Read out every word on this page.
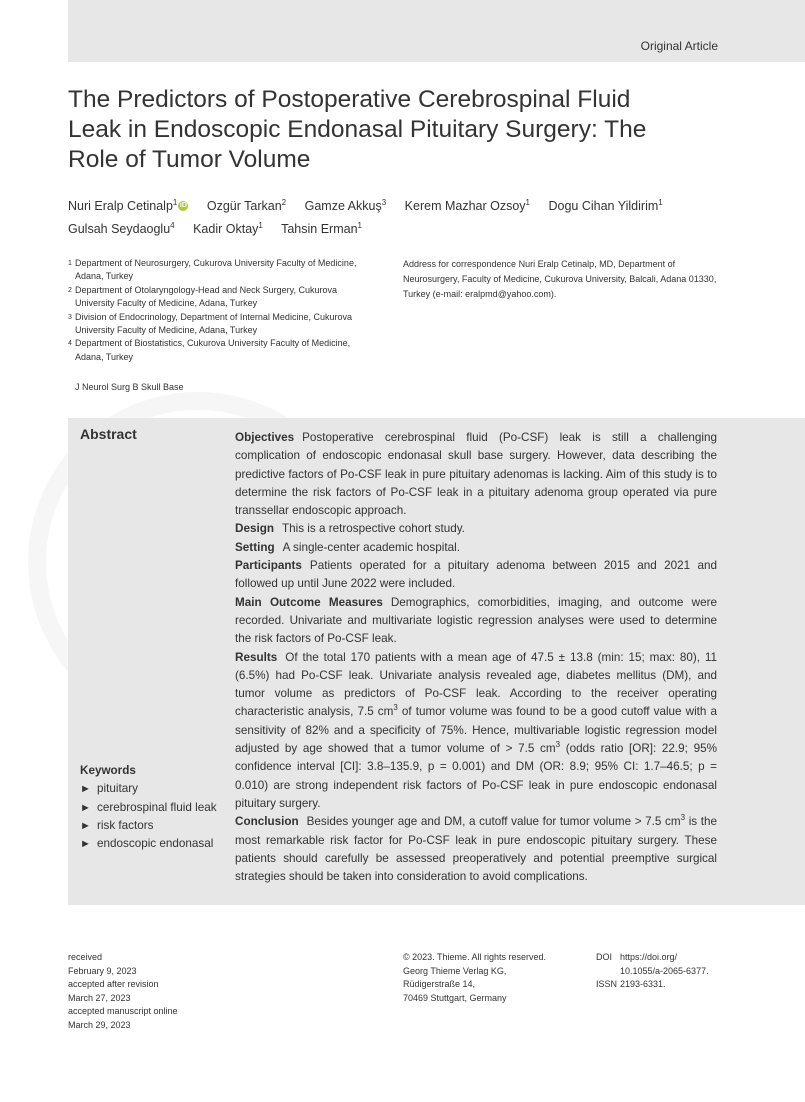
Original Article
The Predictors of Postoperative Cerebrospinal Fluid Leak in Endoscopic Endonasal Pituitary Surgery: The Role of Tumor Volume
Nuri Eralp Cetinalp$^1$ iD Ozgür Tarkan$^2$ Gamze Akkuş$^3$ Kerem Mazhar Ozsoy$^1$ Dogu Cihan Yildirim$^1$
Gulsah Seydaoglu$^4$ Kadir Oktay$^1$ Tahsin Erman$^1$
1 Department of Neurosurgery, Cukurova University Faculty of Medicine, Adana, Turkey
2 Department of Otolaryngology-Head and Neck Surgery, Cukurova University Faculty of Medicine, Adana, Turkey
3 Division of Endocrinology, Department of Internal Medicine, Cukurova University Faculty of Medicine, Adana, Turkey
4 Department of Biostatistics, Cukurova University Faculty of Medicine, Adana, Turkey
J Neurol Surg B Skull Base
Address for correspondence Nuri Eralp Cetinalp, MD, Department of Neurosurgery, Faculty of Medicine, Cukurova University, Balcali, Adana 01330, Turkey (e-mail: eralpmd@yahoo.com).
Abstract	Objectives Postoperative cerebrospinal fluid (Po-CSF) leak is still a challenging complication of endoscopic endonasal skull base surgery. However, data describing the predictive factors of Po-CSF leak in pure pituitary adenomas is lacking. Aim of this study is to determine the risk factors of Po-CSF leak in a pituitary adenoma group operated via pure transsellar endoscopic approach.

Design This is a retrospective cohort study.

Setting A single-center academic hospital.

Participants Patients operated for a pituitary adenoma between 2015 and 2021 and followed up until June 2022 were included.

Main Outcome Measures Demographics, comorbidities, imaging, and outcome were recorded. Univariate and multivariate logistic regression analyses were used to determine the risk factors of Po-CSF leak.

Results Of the total 170 patients with a mean age of 47.5 ± 13.8 (min: 15; max: 80), 11 (6.5%) had Po-CSF leak. Univariate analysis revealed age, diabetes mellitus (DM), and tumor volume as predictors of Po-CSF leak. According to the receiver operating characteristic analysis, 7.5 $cm^3$ of tumor volume was found to be a good cutoff value with a sensitivity of 82% and a specificity of 75%. Hence, multivariable logistic regression model adjusted by age showed that a tumor volume of > 7.5 $cm^3$ (odds ratio [OR]: 22.9; 95% confidence interval [CI]: 3.8–135.9, p = 0.001) and DM (OR: 8.9; 95% CI: 1.7–46.5; p = 0.010) are strong independent risk factors of Po-CSF leak in pure endoscopic endonasal pituitary surgery.

Conclusion Besides younger age and DM, a cutoff value for tumor volume > 7.5 $cm^3$ is the most remarkable risk factor for Po-CSF leak in pure endoscopic pituitary surgery. These patients should carefully be assessed preoperatively and potential preemptive surgical strategies should be taken into consideration to avoid complications.

Keywords
► pituitary
► cerebrospinal fluid leak
► risk factors
► endoscopic endonasal
received
February 9, 2023
accepted after revision
March 27, 2023
accepted manuscript online
March 29, 2023
© 2023. Thieme. All rights reserved.
Georg Thieme Verlag KG,
Rüdigerstraße 14,
70469 Stuttgart, Germany
DOI https://doi.org/
10.1055/a-2065-6377.
ISSN 2193-6331.
